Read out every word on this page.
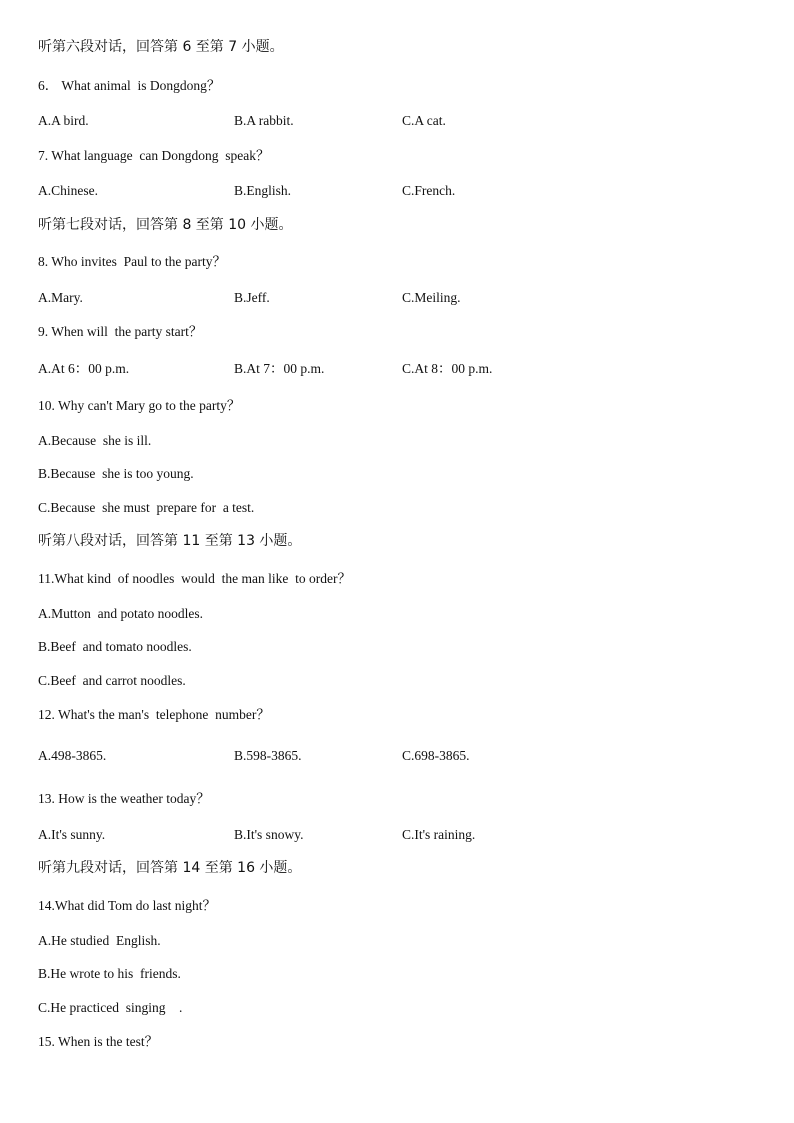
听第六段对话，回答第 6 至第 7 小题。
6． What animal  is Dongdong？
A.A bird.	B.A rabbit.	C.A cat.
7. What language  can Dongdong  speak？
A.Chinese.	B.English.	C.French.
听第七段对话，回答第 8 至第 10 小题。
8. Who invites  Paul to the party？
A.Mary.	B.Jeff.	C.Meiling.
9. When will  the party start？
A.At 6：00 p.m.	B.At 7：00 p.m.	C.At 8：00 p.m.
10. Why can't Mary go to the party？
A.Because  she is ill.
B.Because  she is too young.
C.Because  she must  prepare for  a test.
听第八段对话，回答第 11 至第 13 小题。
11.What kind  of noodles  would  the man like  to order？
A.Mutton  and potato noodles.
B.Beef  and tomato noodles.
C.Beef  and carrot noodles.
12. What's the man's  telephone  number？
A.498-3865.	B.598-3865.	C.698-3865.
13. How is the weather today？
A.It's sunny.	B.It's snowy.	C.It's raining.
听第九段对话，回答第 14 至第 16 小题。
14.What did Tom do last night？
A.He studied  English.
B.He wrote to his  friends.
C.He practiced  singing    .
15. When is the test？
